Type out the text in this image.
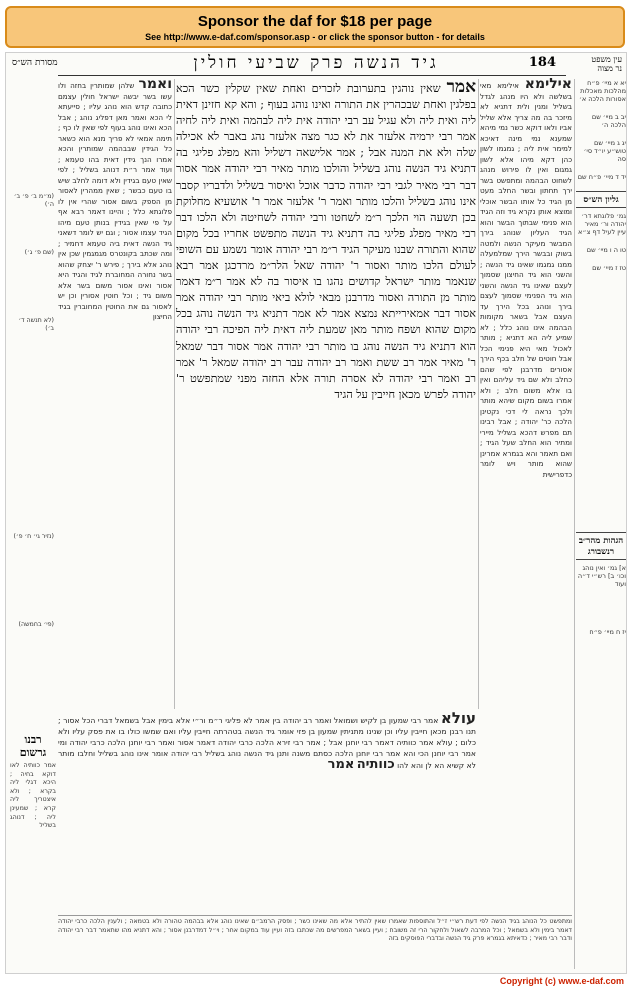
Sponsor the daf for $18 per page
See http://www.e-daf.com/sponsor.asp - or click the sponsor button - for details
עין משפט
נר מצוה
184
גיד הנשה פרק שביעי חולין
מסורת הש״ס
יא א מיי׳ פ״ח מהלכות מאכלות אסורות הלכה א׳
יב ב מיי׳ שם הלכה ה׳
יג ג מיי׳ שם טוש״ע יו״ד סי׳ סה
יד ד מיי׳ פ״ח שם
גליון הש״ס
גמ׳ פלוגתא דר׳ יהודה ור׳ מאיר עיין לעיל דף צ״א
טו ה ו מיי׳ שם
טז ז מיי׳ שם
הגהות מהר״ב רנשבורג
א] גמ׳ ואין נוהג וכו׳ ב] רש״י ד״ה ועוד
יז ח מיי׳ פ״ח
אילימא אילימא מאי בשלשה ולא היו מנהג לגדל בשליל ומנין ולית דתניא לא מיזכר בה מה צריך אלא שליל אביו ולאו דוקא כשר נמי מיהא שמענא נמי מינה דאיכא למימר אית ליה ; גמגמו לשון כהן דקא מיהו אלא לשון גמגום ואין לו פירוש מנהג לשחוט הבהמה ומתפשט בשר ירך תחתון ובשר החלב מעט מן הגיד כל אותו הבשר אוכלי ומוצא אותן נקרא גיד וזה הגיד הוא פנימי שבתוך הבשר והוא הגיד העליון שנוהג בירך המבשר מעיקר הנשה ולמטה בשוק ובבשר הירך שמלמעלה ממנו גמגמו שאינו גיד הנשה ; והשני הוא גיד החיצון שסמוך לעצם שאינו גיד הנשה והשני הוא גיד הפנימי שסמוך לעצם בירך ונוהג בכל הירך עד העצם אבל בשאר מקומות הבהמה אינו נוהג כלל ; לא שמיע ליה הא דתניא ; מותר לאכול מאי היא פנימי הכל אבל חוטים של חלב בכף הירך אסורים מדרבנן לפי שהם כחלב ולא שם גיד עליהם ואין בו אלא משום חלב ; ולא אמרו בשום מקום שיהא מותר ולכך נראה לי דכי נקטינן הלכה כר' יהודה ; אבל רבינו תם מפרש דהכא בשליל מיירי ומתיר הוא החלב שעל הגיד ; ואם תאמר והא בגמרא אמרינן שהוא מותר ויש לומר כדפרישית
אמר שאין נוהגין בתערובת לזכרים ואחת שאין שקלין כשר הכא בפלגין ואחת שבכהרין את התורה ואינו נוהג בעוף ; והא קא חזינן דאית ליה ואית ליה ולא עגיל עב רבי יהודה אית ליה לבהמה ואית ליה לחיה אמר רבי ירמיה אלעזר את לא כגר מצה אלעזר נהג באבר לא אכילה שלה ולא את המנה אבל ; אמר אלישאה דשליל והא מפלג פליגי בה דתניא גיד הנשה נוהג בשליל והולכו מותר מאיר רבי יהודה אמר אסור דבר רבי מאיר לגבי רבי יהודה כדבר אוכל ואיסור בשליל ולדבריו קסבר אינו נוהג בשליל והלכו מותר ואמר ר' אלעזר אמר ר' אושעיא מחלוקת בכן תשעה הוי הלכך ר״מ לשחטו ורבי יהודה לשחיטה ולא הלכו דבר רבי מאיר מפלג פליגי בה דתניא גיד הנשה מתפשט אחריו בכל מקום שהוא והתורה שבנו מעיקר הגיד ר״מ רבי יהודה אומר נשמע עם השופי לעולם הלכו מותר ואסור ר' יהודה שאל הלר״מ מרדכגן אמר רבא שנאמר מותר ישראל קדושים נהגו בו איסור בה לא אמר ר״מ דאמר מותר מן התורה ואסור מדרבנן מבאי לולא ביאי מותר רבי יהודה אמר אסור דבר אמאירייתא נמצא אמר לא אמר דתניא גיד הנשה נוהג בכל מקום שהוא ושפח מותר מאן שמעת ליה דאית ליה הפיכה רבי יהודה הוא דתניא גיד הנשה נוהג בו מותר רבי יהודה אמר אסור דבר שמאל ר' מאיר אמר רב ששת ואמר רב יהודה עבר רב יהודה שמאל ר' אמר רב ואמר רבי יהודה לא אסרה תורה אלא החזה מפני שמתפשט ר' יהודה לפרש מכאן חייבין על הגיד
ואמר שלהן שמותרין בחזה ולו עשו בשר יבשה ישראל חולין עצמם כתובה קדש הוא נוהג עליו ; סייעתא לי הכא ואמר מאן דפליג נוהג ; אבל הכא ואינו נוהג בעוף לפי שאין לו כף ; תימה אמאי לא פריך מנא הוא כשאר כל הגידין שבבהמה שמותרין והכא אמרו הנך גידין דאית בהו טעמא ; ועוד אמר ר״ת דנוהג בשליל ; לפי שאין טעם בגידין ולא דומה לחלב שיש בו טעם כבשר ; שאין ממהרין לאסור מן הספק בשום אסור שהרי אין לו פלוגתא כלל ; והיינו דאמר רבא אף על פי שאין בגידין בנותן טעם מיהו הגיד עצמו אסור ; וגם יש לומר דשאני גיד הנשה דאית ביה טעמא דחמיר ; ומה שכתב בקונטרס מגמגמין שכן אין נוהג אלא בירך ; פירש ר' יצחק שהוא בשר נחורה המחוברת לגיד והגיד היא אסור ואינו אסור משום בשר אלא משום גיד ; וכל חוטין אסורין וכן יש לאסור גם את החוטין המחוברין בגיד החיצון
עולא אמר רבי שמעון בן לקיש ושמואל ואמר רב יהודה בין אמר לא פליגי ר״מ ור״י אלא בימין אבל בשמאל דברי הכל אסור ; תנו רבנן מכאן חייבין עליו וכן שנינו מתניתין שמעון בן פזי אומר גיד הנשה בטהרתה חייבין עליו ואם שמשו כולו בו את פסק עליו ולא כלום ; עולא אמר כוותיה דאמר רבי יוחנן אבל ; אמר רבי זירא הלכה כרבי יהודה דאמר אסור ואמר רבי יוחנן הלכה כרבי יהודה ומי אמר רבי יוחנן הכי והא אמר רבי יוחנן הלכה כסתם משנה ותנן גיד הנשה נוהג בשליל רבי יהודה אומר אינו נוהג בשליל וחלבו מותר לא קשיא הא לן והא להו כוותיה אמר
ומתפשט כל הנוהג בגיד הנשה לפי דעת רש״י ז״ל והתוספות שאמרו שאין להתיר אלא מה שאינו כשר ; ופסק הרמב״ם שאינו נוהג אלא בבהמה טהורה ולא בטמאה ; ולענין הלכה כרבי יהודה דאמר בימין ולא בשמאל ; וכל המרבה לשאול ולחקור הרי זה משובח ; ועיין בשאר המפרשים מה שכתבו בזה ועיין עוד במקום אחר ; וי״ל דמדרבנן אסור ; והא דתניא מהו שתאמר דבר רבי יהודה ודבר רבי מאיר ; כדאיתא בגמרא פרק גיד הנשה ובדברי הפוסקים בזה
(מ״מ ב׳ פ׳ ב׳ ה׳)
(שם פ׳ ג׳)
(לא תנשה ד׳ ב׳)
(נזיר גי׳ ח׳ פ׳)
(פי׳ בחמשה)
רבנו גרשום
אמר כוותיה לאו דוקא בחיה ; היכא דגלי ליה בקרא ; ולא איצטריך ליה קרא ; שמעינן ליה ; דנוהג בשליל
Copyright (c) www.e-daf.com
